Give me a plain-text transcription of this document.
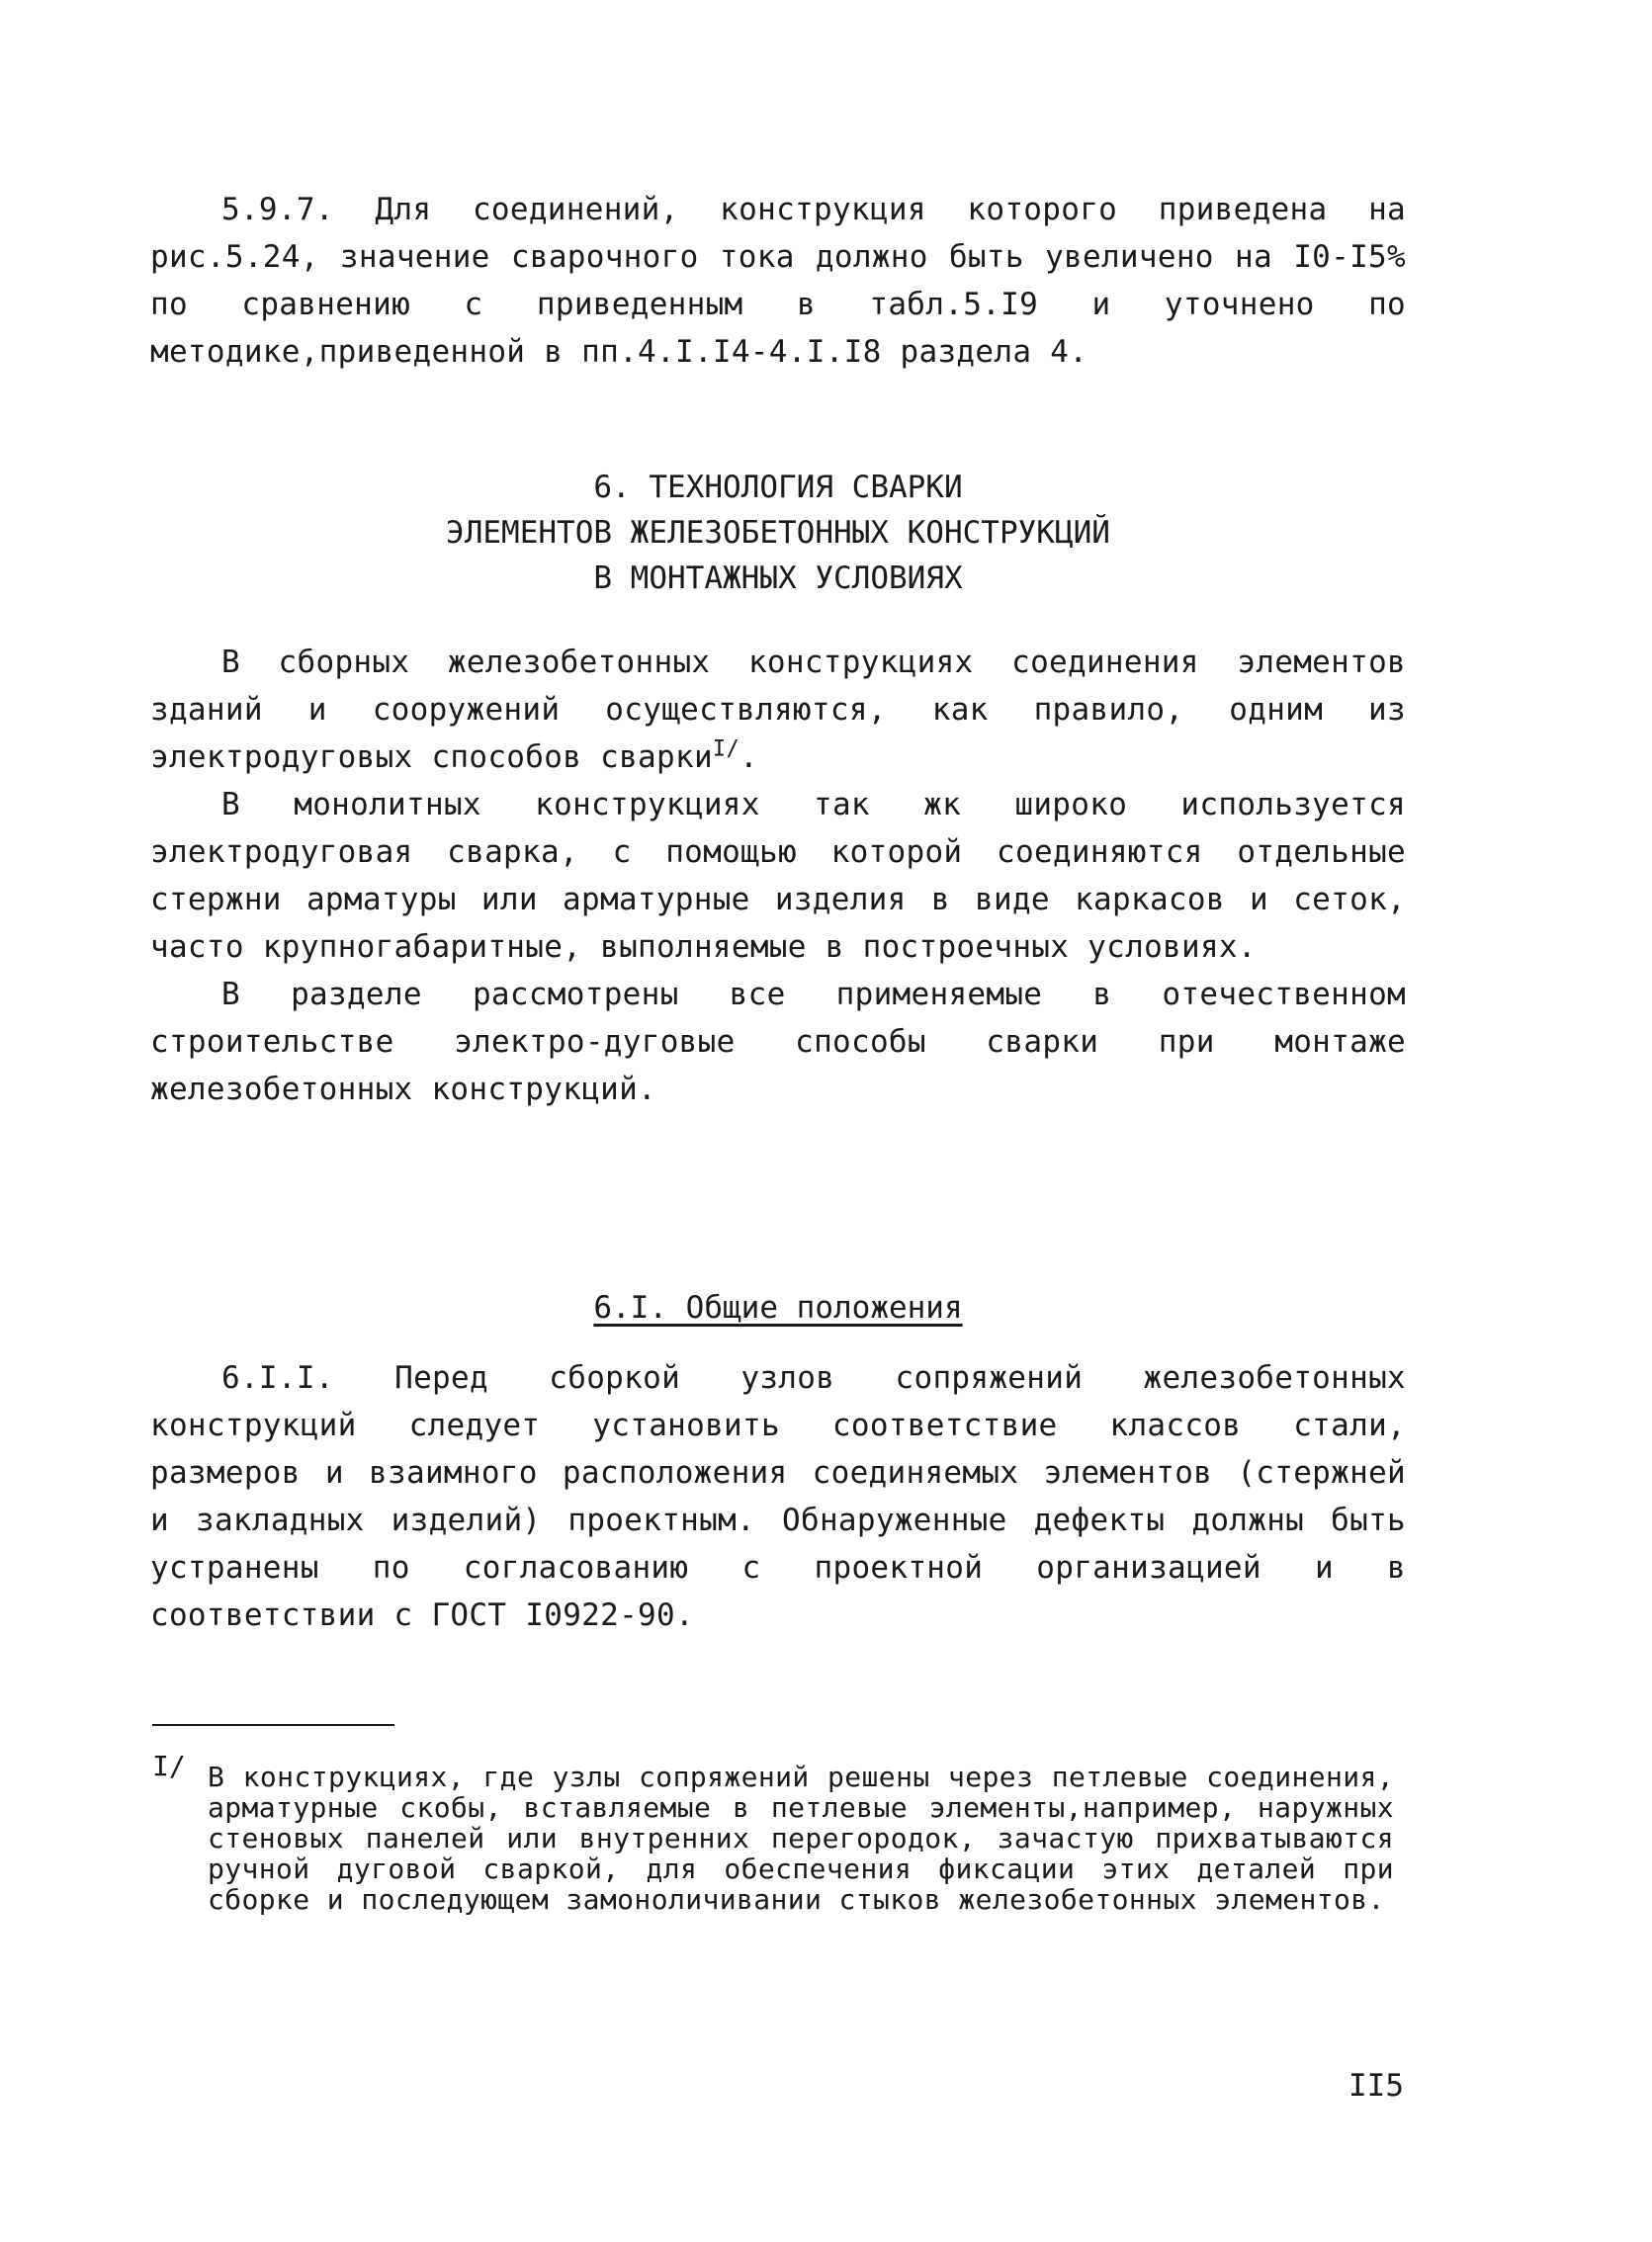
5.9.7. Для соединений, конструкция которого приведена на рис.5.24, значение сварочного тока должно быть увеличено на I0-I5% по сравнению с приведенным в табл.5.I9 и уточнено по методике,приведенной в пп.4.I.I4-4.I.I8 раздела 4.

6. ТЕХНОЛОГИЯ СВАРКИ
ЭЛЕМЕНТОВ ЖЕЛЕЗОБЕТОННЫХ КОНСТРУКЦИЙ
В МОНТАЖНЫХ УСЛОВИЯХ

В сборных железобетонных конструкциях соединения элементов зданий и сооружений осуществляются, как правило, одним из электродуговых способов сварки$^{I/}$.

В монолитных конструкциях так жк широко используется электродуговая сварка, с помощью которой соединяются отдельные стержни арматуры или арматурные изделия в виде каркасов и сеток, часто крупногабаритные, выполняемые в построечных условиях.

В разделе рассмотрены все применяемые в отечественном строительстве электро-дуговые способы сварки при монтаже железобетонных конструкций.

6.I. Общие положения

6.I.I. Перед сборкой узлов сопряжений железобетонных конструкций следует установить соответствие классов стали, размеров и взаимного расположения соединяемых элементов (стержней и закладных изделий) проектным. Обнаруженные дефекты должны быть устранены по согласованию с проектной организацией и в соответствии с ГОСТ I0922-90.

I/ В конструкциях, где узлы сопряжений решены через петлевые соединения, арматурные скобы, вставляемые в петлевые элементы,например, наружных стеновых панелей или внутренних перегородок, зачастую прихватываются ручной дуговой сваркой, для обеспечения фиксации этих деталей при сборке и последующем замоноличивании стыков железобетонных элементов.

II5
